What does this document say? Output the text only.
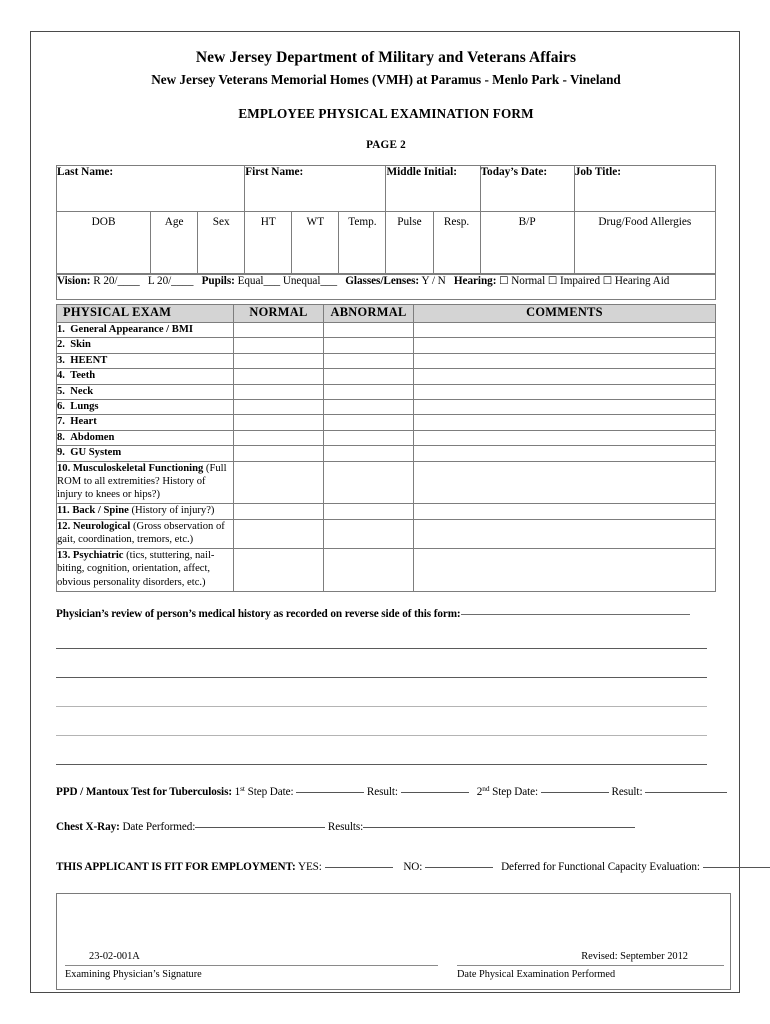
New Jersey Department of Military and Veterans Affairs
New Jersey Veterans Memorial Homes (VMH) at Paramus - Menlo Park - Vineland
EMPLOYEE PHYSICAL EXAMINATION FORM
PAGE 2
Last Name:			First Name:			Middle Initial:		Today’s Date:	Job Title:
DOB	Age	Sex	HT	WT	Temp.	Pulse	Resp.	B/P	Drug/Food Allergies
Vision: R 20/____ L 20/____ Pupils: Equal___ Unequal___ Glasses/Lenses: Y / N Hearing: ☐ Normal ☐ Impaired ☐ Hearing Aid
PHYSICAL EXAM	NORMAL	ABNORMAL	COMMENTS
1.  General Appearance / BMI			
2.  Skin			
3.  HEENT			
4.  Teeth			
5.  Neck			
6.  Lungs			
7.  Heart			
8.  Abdomen			
9.  GU System			
10. Musculoskeletal Functioning (Full ROM to all extremities? History of injury to knees or hips?)			
11. Back / Spine (History of injury?)			
12. Neurological (Gross observation of gait, coordination, tremors, etc.)			
13. Psychiatric (tics, stuttering, nail-biting, cognition, orientation, affect, obvious personality disorders, etc.)			
Physician’s review of person’s medical history as recorded on reverse side of this form:
PPD / Mantoux Test for Tuberculosis: 1st Step Date:	Result:	2nd Step Date:	Result:
Chest X-Ray: Date Performed:	Results:
THIS APPLICANT IS FIT FOR EMPLOYMENT: YES:	NO:	Deferred for Functional Capacity Evaluation:
Examining Physician’s Signature	Date Physical Examination Performed
23-02-001A	Revised: September 2012
